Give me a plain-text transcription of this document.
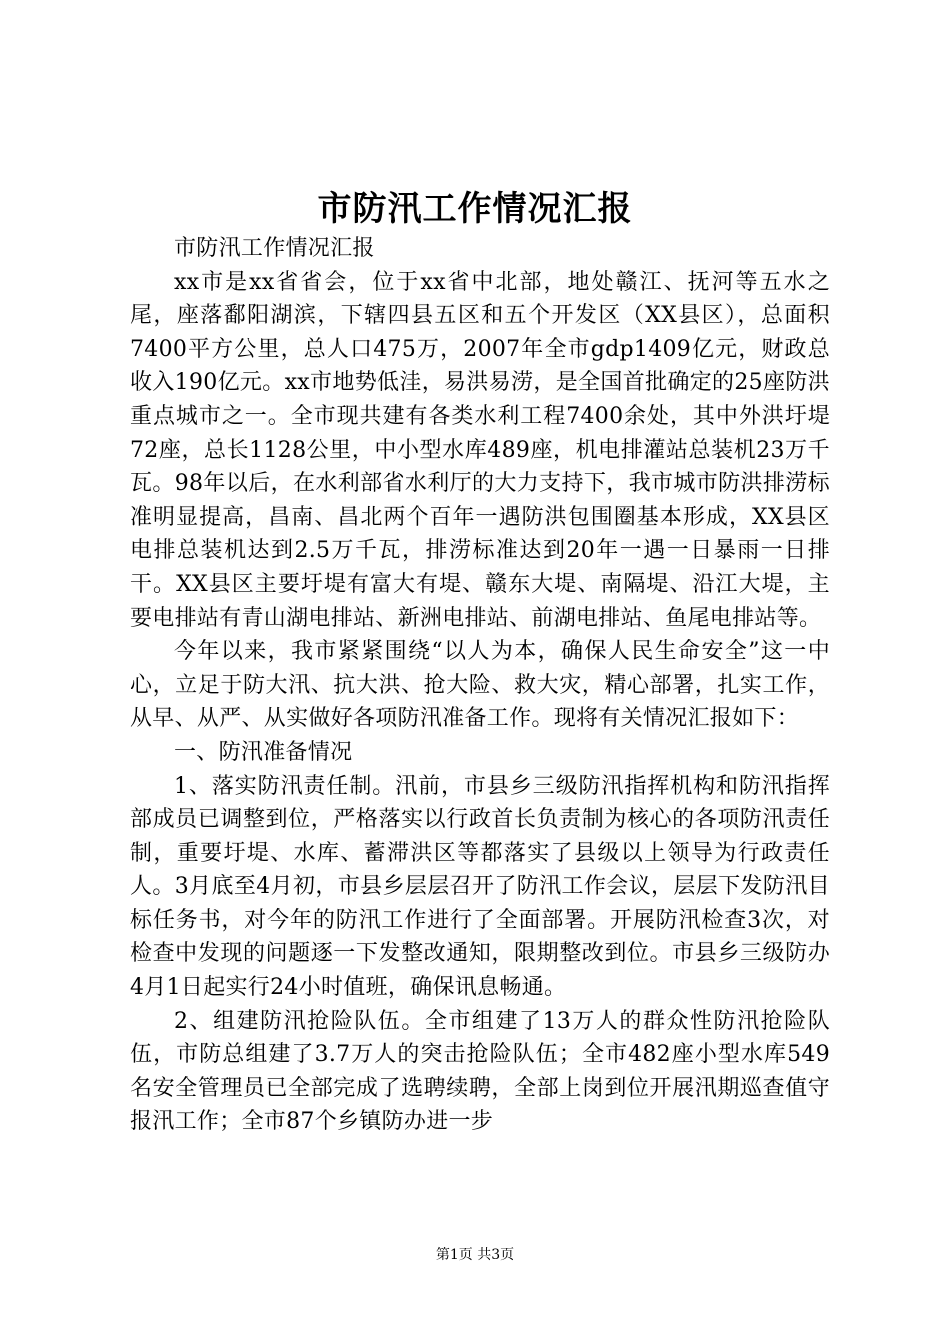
市防汛工作情况汇报

市防汛工作情况汇报

xx市是xx省省会，位于xx省中北部，地处赣江、抚河等五水之尾，座落鄱阳湖滨，下辖四县五区和五个开发区（XX县区），总面积7400平方公里，总人口475万，2007年全市gdp1409亿元，财政总收入190亿元。xx市地势低洼，易洪易涝，是全国首批确定的25座防洪重点城市之一。全市现共建有各类水利工程7400余处，其中外洪圩堤72座，总长1128公里，中小型水库489座，机电排灌站总装机23万千瓦。98年以后，在水利部省水利厅的大力支持下，我市城市防洪排涝标准明显提高，昌南、昌北两个百年一遇防洪包围圈基本形成，XX县区电排总装机达到2.5万千瓦，排涝标准达到20年一遇一日暴雨一日排干。XX县区主要圩堤有富大有堤、赣东大堤、南隔堤、沿江大堤，主要电排站有青山湖电排站、新洲电排站、前湖电排站、鱼尾电排站等。

今年以来，我市紧紧围绕“以人为本，确保人民生命安全”这一中心，立足于防大汛、抗大洪、抢大险、救大灾，精心部署，扎实工作，从早、从严、从实做好各项防汛准备工作。现将有关情况汇报如下：

一、防汛准备情况

1、落实防汛责任制。汛前，市县乡三级防汛指挥机构和防汛指挥部成员已调整到位，严格落实以行政首长负责制为核心的各项防汛责任制，重要圩堤、水库、蓄滞洪区等都落实了县级以上领导为行政责任人。3月底至4月初，市县乡层层召开了防汛工作会议，层层下发防汛目标任务书，对今年的防汛工作进行了全面部署。开展防汛检查3次，对检查中发现的问题逐一下发整改通知，限期整改到位。市县乡三级防办4月1日起实行24小时值班，确保讯息畅通。

2、组建防汛抢险队伍。全市组建了13万人的群众性防汛抢险队伍，市防总组建了3.7万人的突击抢险队伍；全市482座小型水库549名安全管理员已全部完成了选聘续聘，全部上岗到位开展汛期巡查值守报汛工作；全市87个乡镇防办进一步

第1页 共3页
